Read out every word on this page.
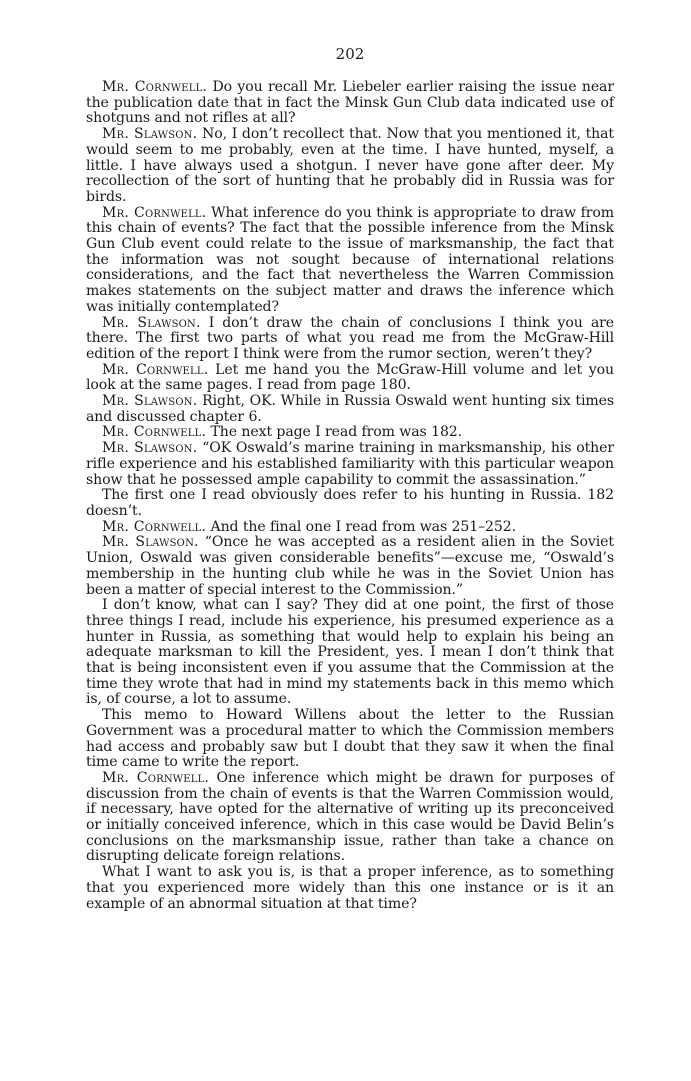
202

Mr. Cornwell. Do you recall Mr. Liebeler earlier raising the issue near the publication date that in fact the Minsk Gun Club data indicated use of shotguns and not rifles at all?

Mr. Slawson. No, I don’t recollect that. Now that you mentioned it, that would seem to me probably, even at the time. I have hunted, myself, a little. I have always used a shotgun. I never have gone after deer. My recollection of the sort of hunting that he probably did in Russia was for birds.

Mr. Cornwell. What inference do you think is appropriate to draw from this chain of events? The fact that the possible inference from the Minsk Gun Club event could relate to the issue of marksmanship, the fact that the information was not sought because of international relations considerations, and the fact that nevertheless the Warren Commission makes statements on the subject matter and draws the inference which was initially contemplated?

Mr. Slawson. I don’t draw the chain of conclusions I think you are there. The first two parts of what you read me from the McGraw-Hill edition of the report I think were from the rumor section, weren’t they?

Mr. Cornwell. Let me hand you the McGraw-Hill volume and let you look at the same pages. I read from page 180.

Mr. Slawson. Right, OK. While in Russia Oswald went hunting six times and discussed chapter 6.

Mr. Cornwell. The next page I read from was 182.

Mr. Slawson. “OK Oswald’s marine training in marksmanship, his other rifle experience and his established familiarity with this particular weapon show that he possessed ample capability to commit the assassination.”

The first one I read obviously does refer to his hunting in Russia. 182 doesn’t.

Mr. Cornwell. And the final one I read from was 251–252.

Mr. Slawson. “Once he was accepted as a resident alien in the Soviet Union, Oswald was given considerable benefits”—excuse me, “Oswald’s membership in the hunting club while he was in the Soviet Union has been a matter of special interest to the Commission.”

I don’t know, what can I say? They did at one point, the first of those three things I read, include his experience, his presumed experience as a hunter in Russia, as something that would help to explain his being an adequate marksman to kill the President, yes. I mean I don’t think that that is being inconsistent even if you assume that the Commission at the time they wrote that had in mind my statements back in this memo which is, of course, a lot to assume.

This memo to Howard Willens about the letter to the Russian Government was a procedural matter to which the Commission members had access and probably saw but I doubt that they saw it when the final time came to write the report.

Mr. Cornwell. One inference which might be drawn for purposes of discussion from the chain of events is that the Warren Commission would, if necessary, have opted for the alternative of writing up its preconceived or initially conceived inference, which in this case would be David Belin’s conclusions on the marksmanship issue, rather than take a chance on disrupting delicate foreign relations.

What I want to ask you is, is that a proper inference, as to something that you experienced more widely than this one instance or is it an example of an abnormal situation at that time?
